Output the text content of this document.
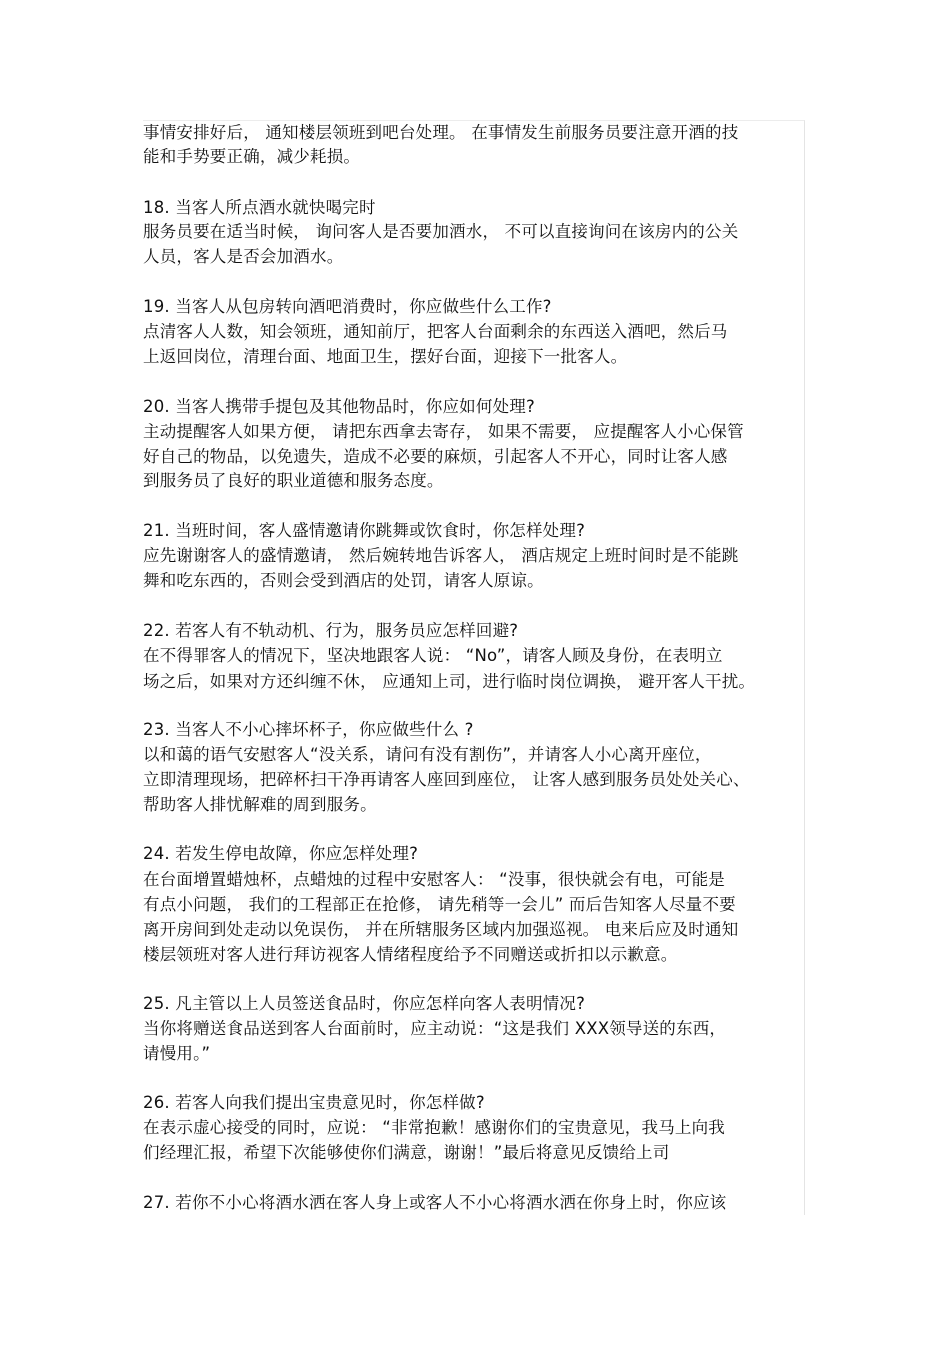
事情安排好后， 通知楼层领班到吧台处理。 在事情发生前服务员要注意开酒的技
能和手势要正确，减少耗损。
18. 当客人所点酒水就快喝完时
服务员要在适当时候， 询问客人是否要加酒水， 不可以直接询问在该房内的公关
人员，客人是否会加酒水。
19. 当客人从包房转向酒吧消费时，你应做些什么工作?
点清客人人数，知会领班，通知前厅，把客人台面剩余的东西送入酒吧，然后马
上返回岗位，清理台面、地面卫生，摆好台面，迎接下一批客人。
20. 当客人携带手提包及其他物品时，你应如何处理?
主动提醒客人如果方便， 请把东西拿去寄存， 如果不需要， 应提醒客人小心保管
好自己的物品，以免遗失，造成不必要的麻烦，引起客人不开心，同时让客人感
到服务员了良好的职业道德和服务态度。
21. 当班时间，客人盛情邀请你跳舞或饮食时，你怎样处理?
应先谢谢客人的盛情邀请， 然后婉转地告诉客人， 酒店规定上班时间时是不能跳
舞和吃东西的，否则会受到酒店的处罚，请客人原谅。
22. 若客人有不轨动机、行为，服务员应怎样回避?
在不得罪客人的情况下，坚决地跟客人说： “No”，请客人顾及身份，在表明立
场之后，如果对方还纠缠不休， 应通知上司，进行临时岗位调换， 避开客人干扰。
23. 当客人不小心摔坏杯子，你应做些什么 ?
以和蔼的语气安慰客人“没关系，请问有没有割伤”，并请客人小心离开座位，
立即清理现场，把碎杯扫干净再请客人座回到座位， 让客人感到服务员处处关心、
帮助客人排忧解难的周到服务。
24. 若发生停电故障，你应怎样处理?
在台面增置蜡烛杯，点蜡烛的过程中安慰客人： “没事，很快就会有电，可能是
有点小问题， 我们的工程部正在抢修， 请先稍等一会儿” 而后告知客人尽量不要
离开房间到处走动以免误伤， 并在所辖服务区域内加强巡视。 电来后应及时通知
楼层领班对客人进行拜访视客人情绪程度给予不同赠送或折扣以示歉意。
25. 凡主管以上人员签送食品时，你应怎样向客人表明情况?
当你将赠送食品送到客人台面前时，应主动说：“这是我们 XXX领导送的东西，
请慢用。”
26. 若客人向我们提出宝贵意见时，你怎样做?
在表示虚心接受的同时，应说： “非常抱歉！感谢你们的宝贵意见，我马上向我
们经理汇报，希望下次能够使你们满意，谢谢！”最后将意见反馈给上司
27. 若你不小心将酒水洒在客人身上或客人不小心将酒水洒在你身上时，你应该
